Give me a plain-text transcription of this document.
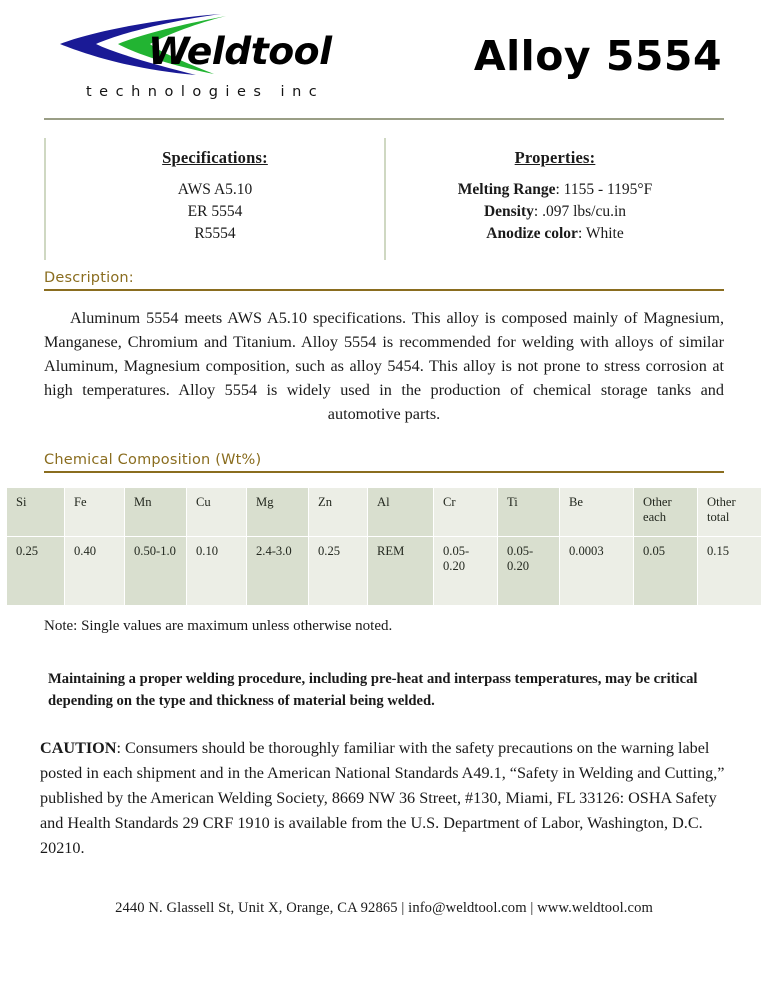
Weldtool
technologies inc
Alloy 5554
Specifications:
AWS A5.10
ER 5554
R5554
Properties:
Melting Range: 1155 - 1195°F
Density: .097 lbs/cu.in
Anodize color: White
Description:

Aluminum 5554 meets AWS A5.10 specifications. This alloy is composed mainly of Magnesium, Manganese, Chromium and Titanium. Alloy 5554 is recommended for welding with alloys of similar Aluminum, Magnesium composition, such as alloy 5454. This alloy is not prone to stress corrosion at high temperatures. Alloy 5554 is widely used in the production of chemical storage tanks and automotive parts.

Chemical Composition (Wt%)
Si	Fe	Mn	Cu	Mg	Zn	Al	Cr	Ti	Be	Other each	Other total
0.25	0.40	0.50-1.0	0.10	2.4-3.0	0.25	REM	0.05-0.20	0.05-0.20	0.0003	0.05	0.15
Note: Single values are maximum unless otherwise noted.
Maintaining a proper welding procedure, including pre-heat and interpass temperatures, may be critical depending on the type and thickness of material being welded.
CAUTION: Consumers should be thoroughly familiar with the safety precautions on the warning label posted in each shipment and in the American National Standards A49.1, “Safety in Welding and Cutting,” published by the American Welding Society, 8669 NW 36 Street, #130, Miami, FL 33126: OSHA Safety and Health Standards 29 CRF 1910 is available from the U.S. Department of Labor, Washington, D.C. 20210.
2440 N. Glassell St, Unit X, Orange, CA 92865 | info@weldtool.com | www.weldtool.com
